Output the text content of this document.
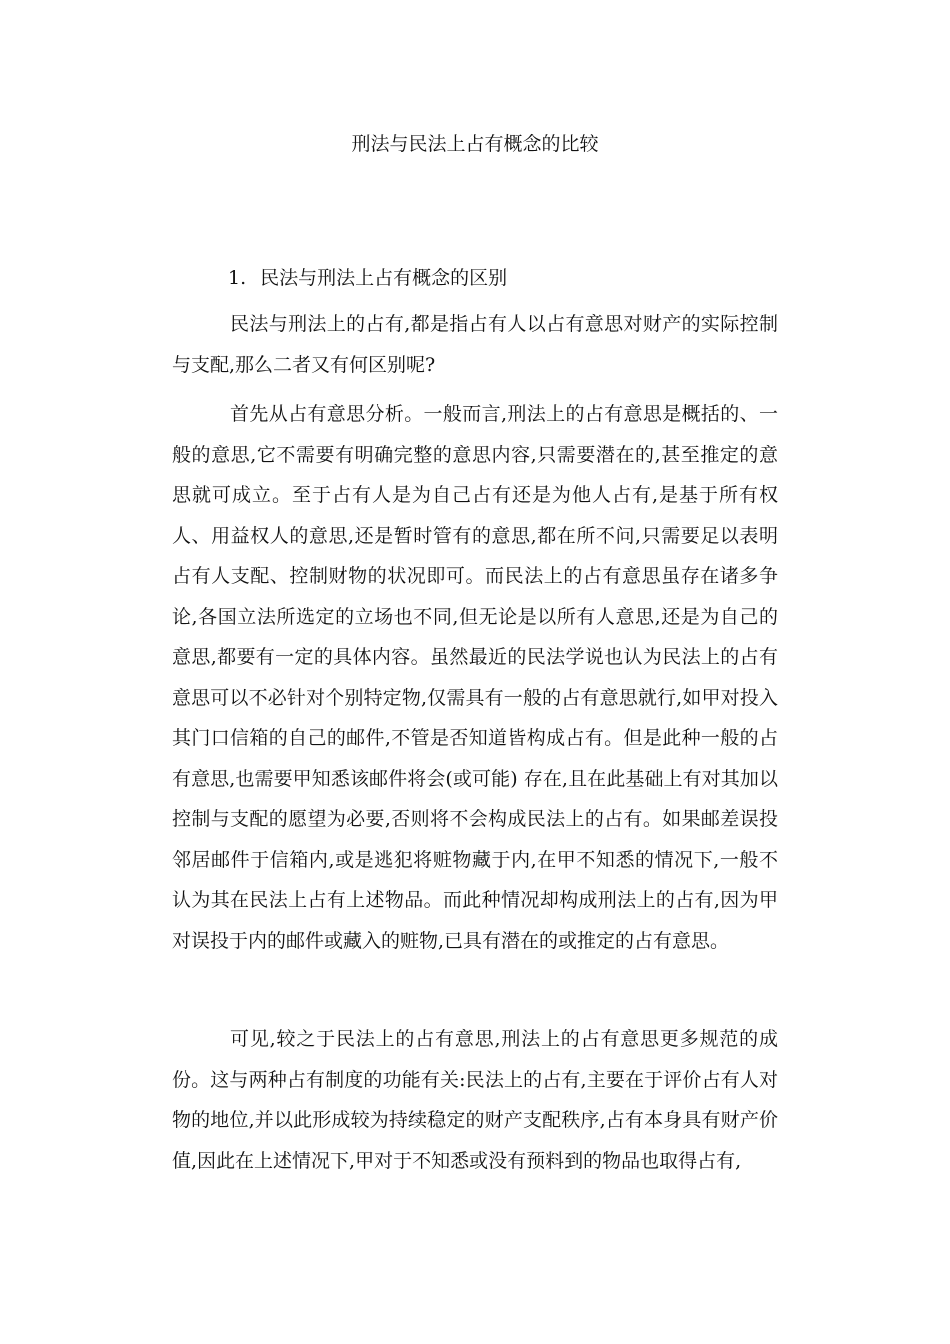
刑法与民法上占有概念的比较
1. 民法与刑法上占有概念的区别

民法与刑法上的占有,都是指占有人以占有意思对财产的实际控制与支配,那么二者又有何区别呢?

首先从占有意思分析。一般而言,刑法上的占有意思是概括的、一般的意思,它不需要有明确完整的意思内容,只需要潜在的,甚至推定的意思就可成立。至于占有人是为自己占有还是为他人占有,是基于所有权人、用益权人的意思,还是暂时管有的意思,都在所不问,只需要足以表明占有人支配、控制财物的状况即可。而民法上的占有意思虽存在诸多争论,各国立法所选定的立场也不同,但无论是以所有人意思,还是为自己的意思,都要有一定的具体内容。虽然最近的民法学说也认为民法上的占有意思可以不必针对个别特定物,仅需具有一般的占有意思就行,如甲对投入其门口信箱的自己的邮件,不管是否知道皆构成占有。但是此种一般的占有意思,也需要甲知悉该邮件将会(或可能) 存在,且在此基础上有对其加以控制与支配的愿望为必要,否则将不会构成民法上的占有。如果邮差误投邻居邮件于信箱内,或是逃犯将赃物藏于内,在甲不知悉的情况下,一般不认为其在民法上占有上述物品。而此种情况却构成刑法上的占有,因为甲对误投于内的邮件或藏入的赃物,已具有潜在的或推定的占有意思。

可见,较之于民法上的占有意思,刑法上的占有意思更多规范的成份。这与两种占有制度的功能有关:民法上的占有,主要在于评价占有人对物的地位,并以此形成较为持续稳定的财产支配秩序,占有本身具有财产价值,因此在上述情况下,甲对于不知悉或没有预料到的物品也取得占有,
